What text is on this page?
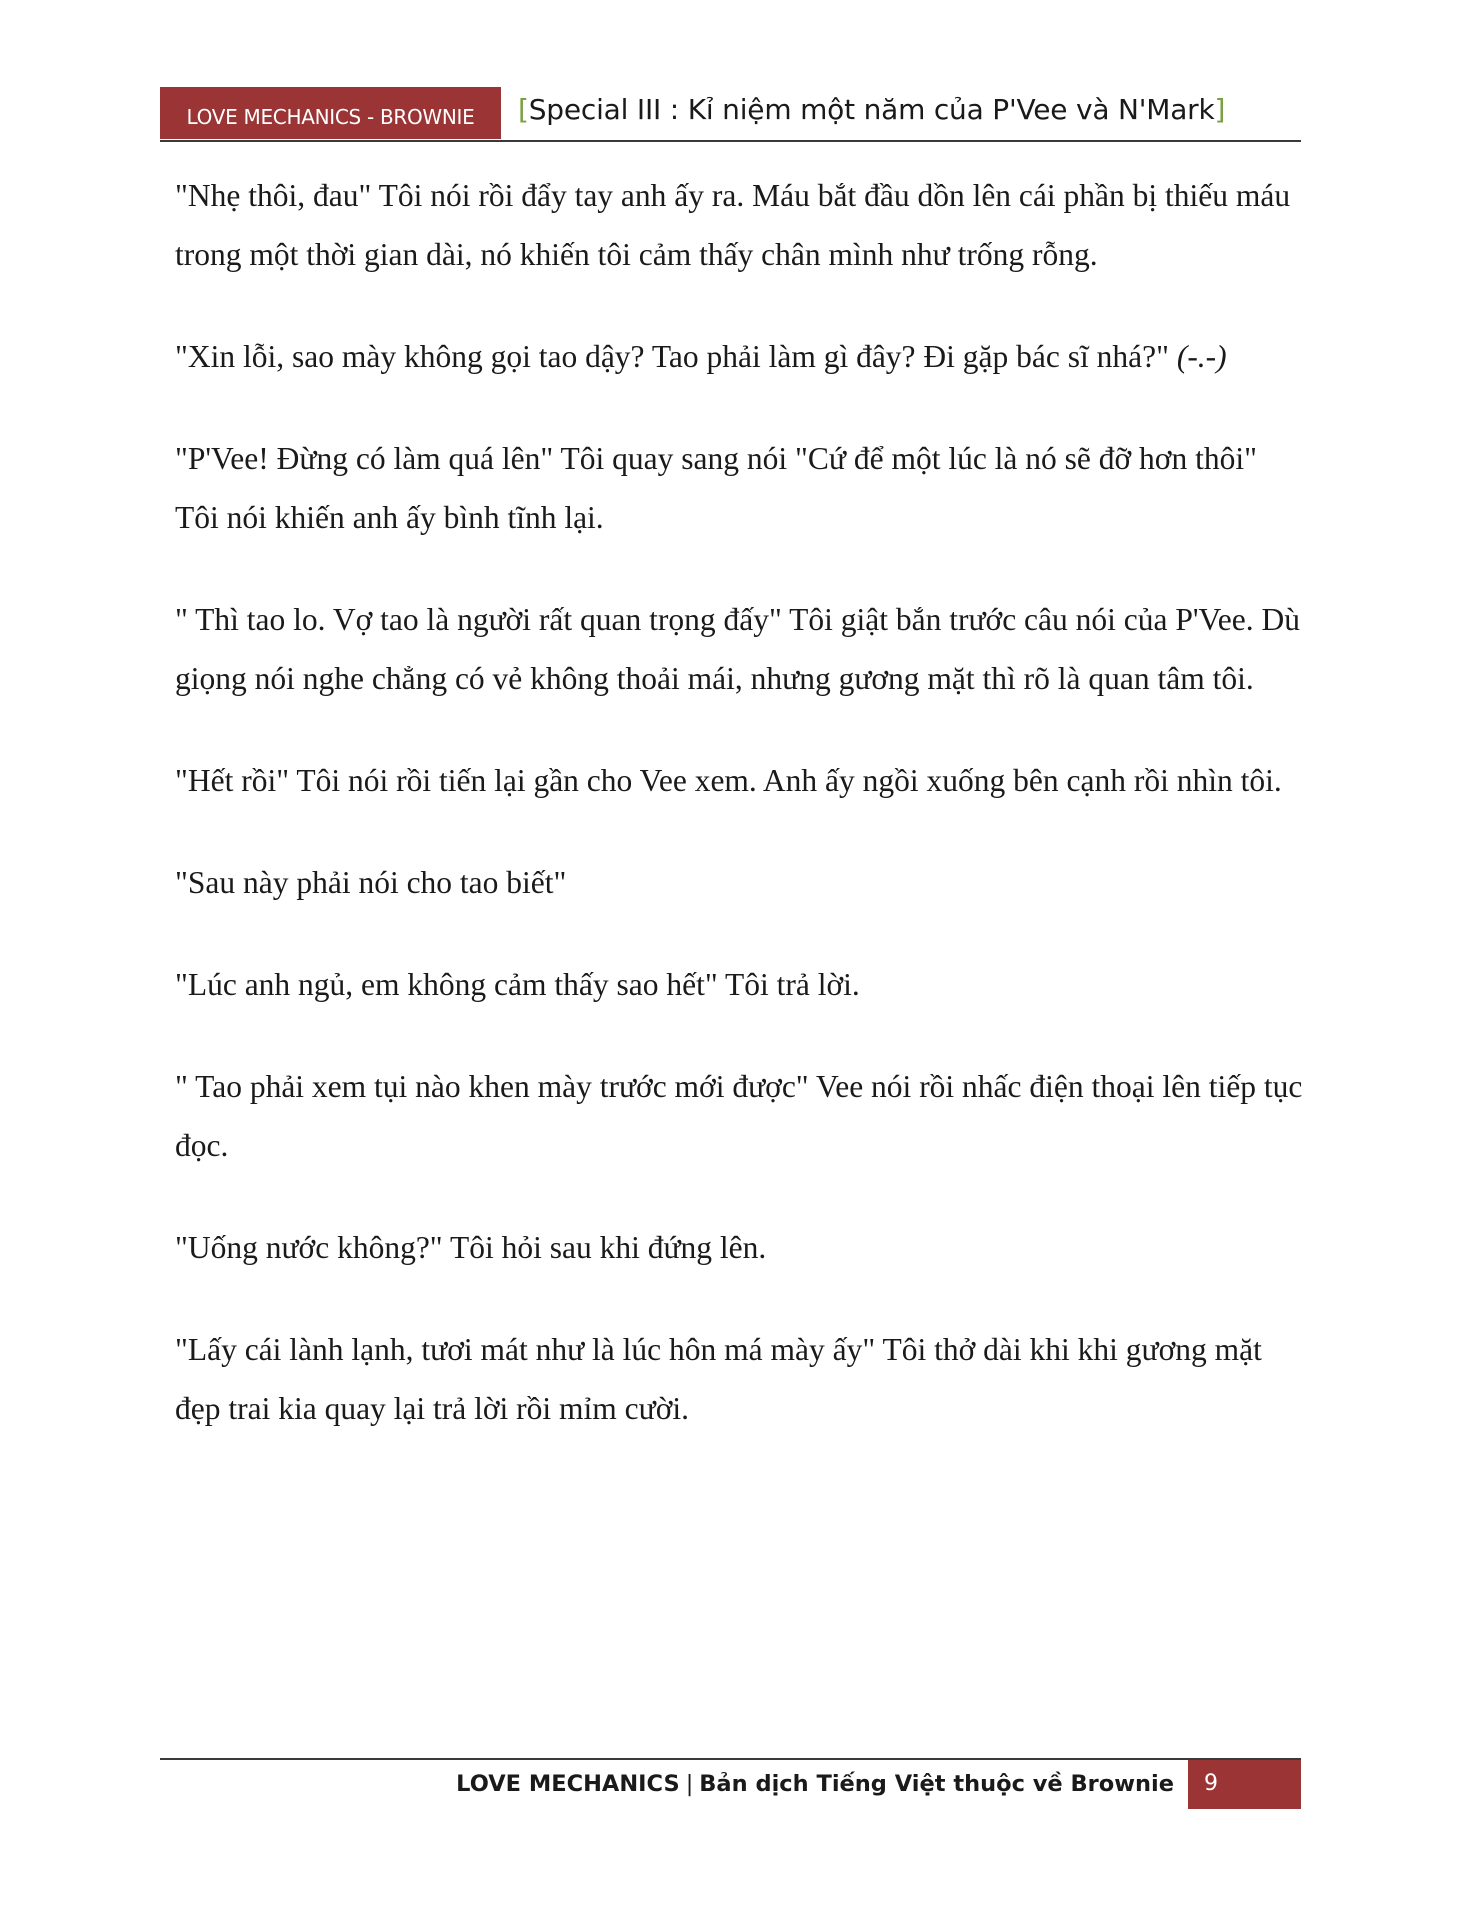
LOVE MECHANICS - BROWNIE	[Special III : Kỉ niệm một năm của P'Vee và N'Mark]

"Nhẹ thôi, đau" Tôi nói rồi đẩy tay anh ấy ra. Máu bắt đầu dồn lên cái phần bị thiếu máu trong một thời gian dài, nó khiến tôi cảm thấy chân mình như trống rỗng.

"Xin lỗi, sao mày không gọi tao dậy? Tao phải làm gì đây? Đi gặp bác sĩ nhá?" (-.-)

"P'Vee! Đừng có làm quá lên" Tôi quay sang nói "Cứ để một lúc là nó sẽ đỡ hơn thôi" Tôi nói khiến anh ấy bình tĩnh lại.

" Thì tao lo. Vợ tao là người rất quan trọng đấy" Tôi giật bắn trước câu nói của P'Vee. Dù giọng nói nghe chẳng có vẻ không thoải mái, nhưng gương mặt thì rõ là quan tâm tôi.

"Hết rồi" Tôi nói rồi tiến lại gần cho Vee xem. Anh ấy ngồi xuống bên cạnh rồi nhìn tôi.

"Sau này phải nói cho tao biết"

"Lúc anh ngủ, em không cảm thấy sao hết" Tôi trả lời.

" Tao phải xem tụi nào khen mày trước mới được" Vee nói rồi nhấc điện thoại lên tiếp tục đọc.

"Uống nước không?" Tôi hỏi sau khi đứng lên.

"Lấy cái lành lạnh, tươi mát như là lúc hôn má mày ấy" Tôi thở dài khi khi gương mặt đẹp trai kia quay lại trả lời rồi mỉm cười.

LOVE MECHANICS | Bản dịch Tiếng Việt thuộc về Brownie 9
